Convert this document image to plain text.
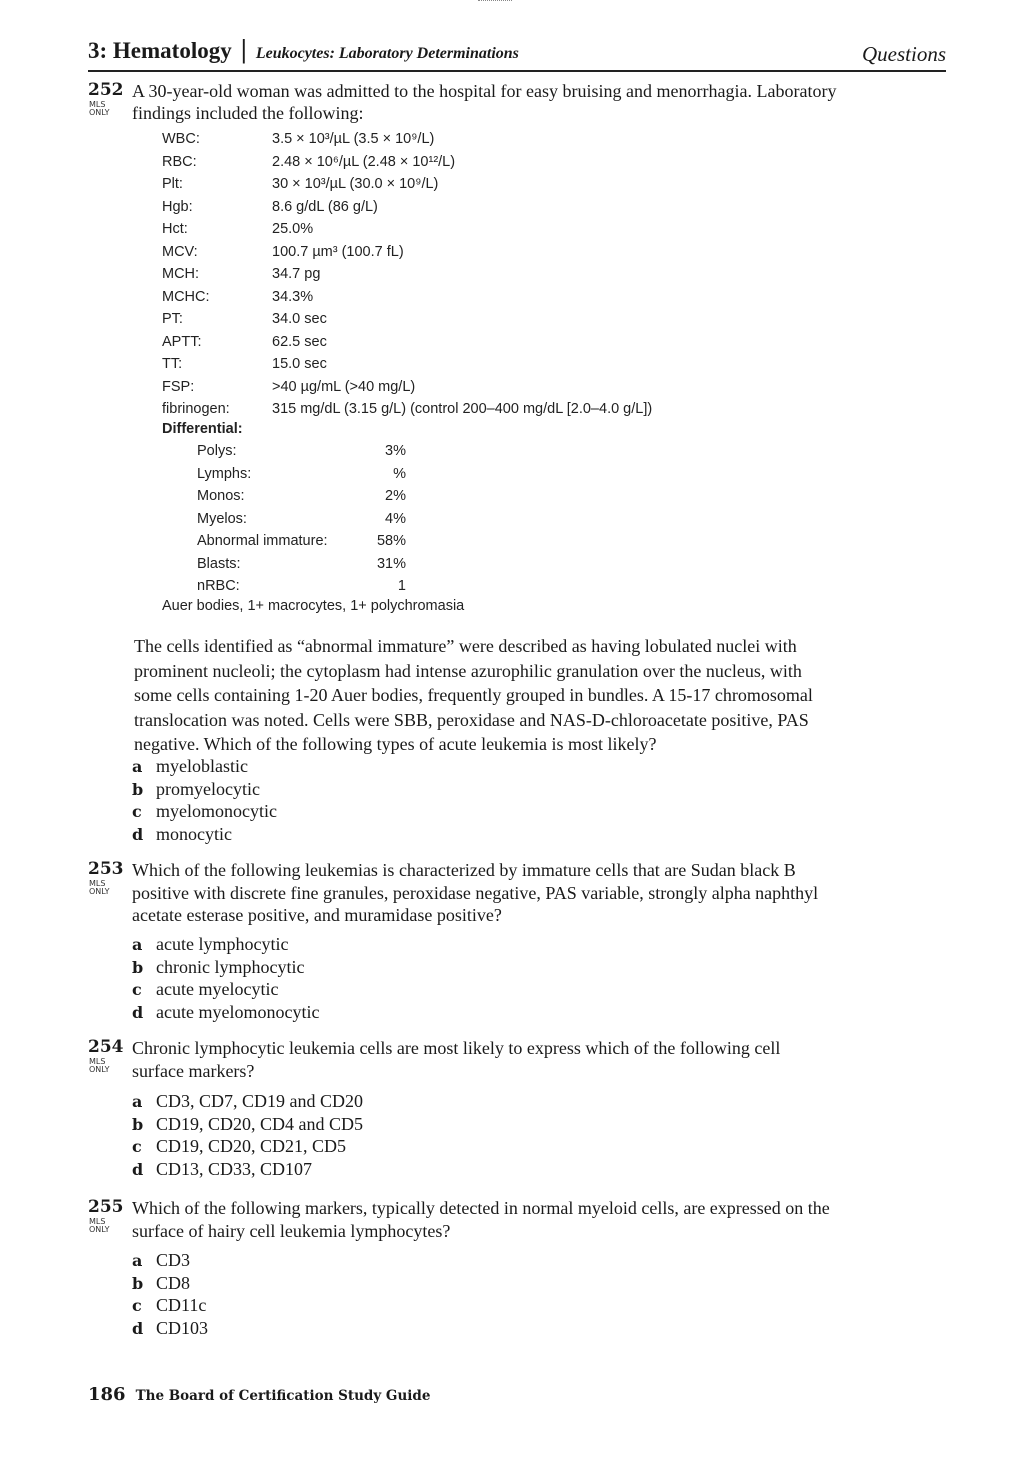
3: Hematology | Leukocytes: Laboratory Determinations	Questions
252
MLS
ONLY
A 30-year-old woman was admitted to the hospital for easy bruising and menorrhagia. Laboratory
findings included the following:
WBC:	3.5 × 10³/µL (3.5 × 10⁹/L)
RBC:	2.48 × 10⁶/µL (2.48 × 10¹²/L)
Plt:	30 × 10³/µL (30.0 × 10⁹/L)
Hgb:	8.6 g/dL (86 g/L)
Hct:	25.0%
MCV:	100.7 µm³ (100.7 fL)
MCH:	34.7 pg
MCHC:	34.3%
PT:	34.0 sec
APTT:	62.5 sec
TT:	15.0 sec
FSP:	>40 µg/mL (>40 mg/L)
fibrinogen:	315 mg/dL (3.15 g/L) (control 200–400 mg/dL [2.0–4.0 g/L])
Differential:
Polys:	3%
Lymphs:	%
Monos:	2%
Myelos:	4%
Abnormal immature:	58%
Blasts:	31%
nRBC:	1
Auer bodies, 1+ macrocytes, 1+ polychromasia
The cells identified as “abnormal immature” were described as having lobulated nuclei with
prominent nucleoli; the cytoplasm had intense azurophilic granulation over the nucleus, with
some cells containing 1-20 Auer bodies, frequently grouped in bundles. A 15-17 chromosomal
translocation was noted. Cells were SBB, peroxidase and NAS-D-chloroacetate positive, PAS
negative. Which of the following types of acute leukemia is most likely?
a myeloblastic
b promyelocytic
c myelomonocytic
d monocytic
253
MLS
ONLY
Which of the following leukemias is characterized by immature cells that are Sudan black B
positive with discrete fine granules, peroxidase negative, PAS variable, strongly alpha naphthyl
acetate esterase positive, and muramidase positive?
a acute lymphocytic
b chronic lymphocytic
c acute myelocytic
d acute myelomonocytic
254
MLS
ONLY
Chronic lymphocytic leukemia cells are most likely to express which of the following cell
surface markers?
a CD3, CD7, CD19 and CD20
b CD19, CD20, CD4 and CD5
c CD19, CD20, CD21, CD5
d CD13, CD33, CD107
255
MLS
ONLY
Which of the following markers, typically detected in normal myeloid cells, are expressed on the
surface of hairy cell leukemia lymphocytes?
a CD3
b CD8
c CD11c
d CD103
186 The Board of Certification Study Guide
